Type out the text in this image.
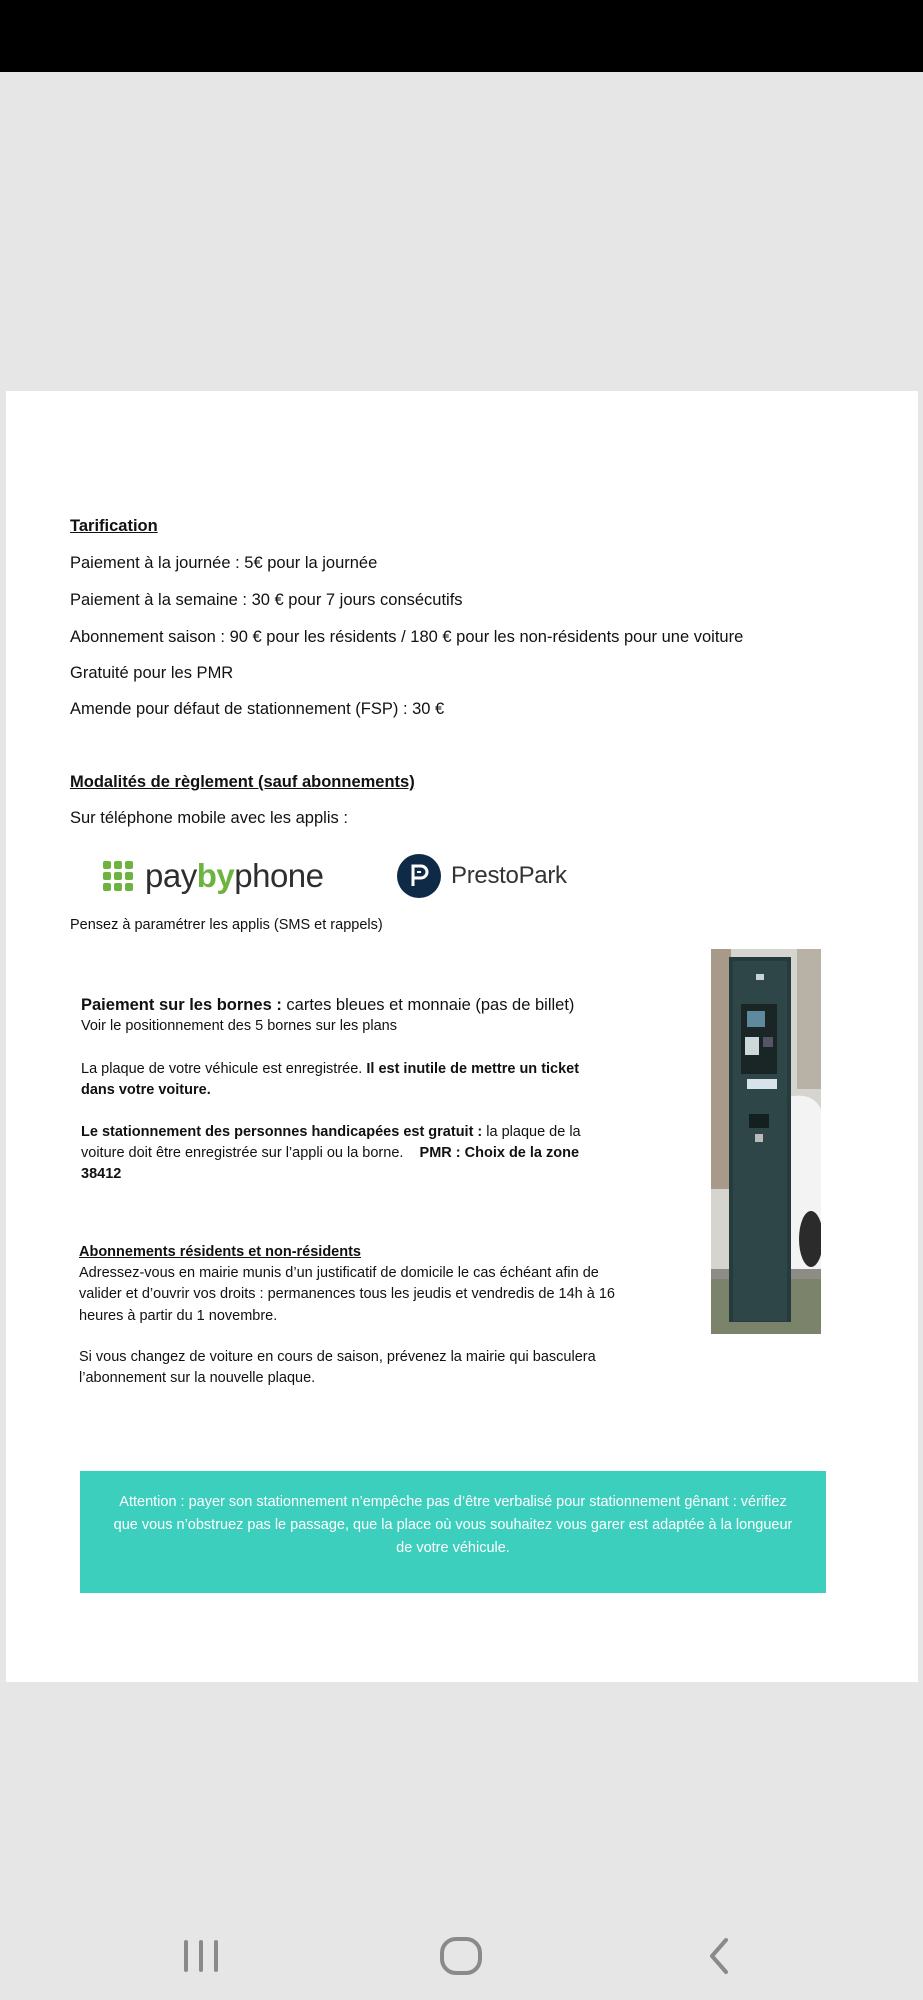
Tarification
Paiement à la journée : 5€ pour la journée
Paiement à la semaine : 30 € pour 7 jours consécutifs
Abonnement saison : 90 € pour les résidents / 180 € pour les non-résidents pour une voiture
Gratuité pour les PMR
Amende pour défaut de stationnement (FSP) : 30 €
Modalités de règlement (sauf abonnements)
Sur téléphone mobile avec les applis :
paybyphone	PrestoPark
Pensez à paramétrer les applis (SMS et rappels)
Paiement sur les bornes : cartes bleues et monnaie (pas de billet)
Voir le positionnement des 5 bornes sur les plans
La plaque de votre véhicule est enregistrée. Il est inutile de mettre un ticket
dans votre voiture.
Le stationnement des personnes handicapées est gratuit : la plaque de la
voiture doit être enregistrée sur l’appli ou la borne.    PMR : Choix de la zone
38412
Abonnements résidents et non-résidents
Adressez-vous en mairie munis d’un justificatif de domicile le cas échéant afin de
valider et d’ouvrir vos droits : permanences tous les jeudis et vendredis de 14h à 16
heures à partir du 1 novembre.
Si vous changez de voiture en cours de saison, prévenez la mairie qui basculera
l’abonnement sur la nouvelle plaque.
Attention : payer son stationnement n’empêche pas d’être verbalisé pour stationnement gênant : vérifiez
que vous n’obstruez pas le passage, que la place où vous souhaitez vous garer est adaptée à la longueur
de votre véhicule.
